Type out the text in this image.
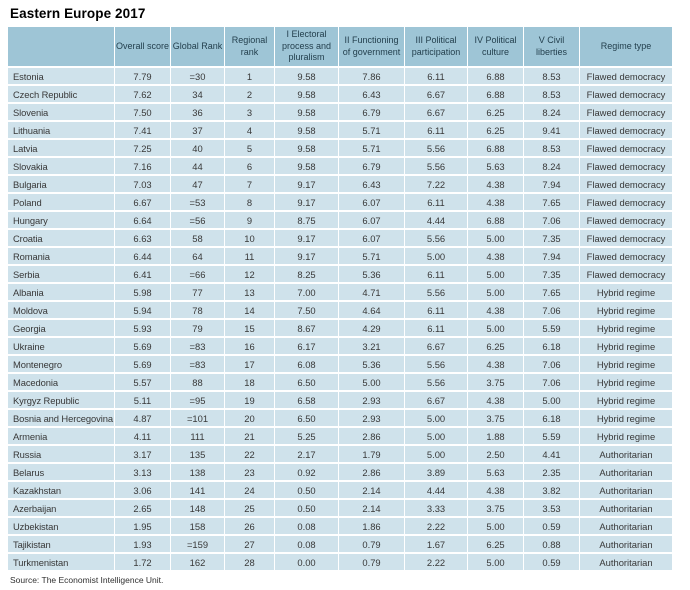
Eastern Europe 2017
	Overall score	Global Rank	Regional rank	I Electoral process and pluralism	II Functioning of government	III Political participation	IV Political culture	V Civil liberties	Regime type
Estonia	7.79	=30	1	9.58	7.86	6.11	6.88	8.53	Flawed democracy
Czech Republic	7.62	34	2	9.58	6.43	6.67	6.88	8.53	Flawed democracy
Slovenia	7.50	36	3	9.58	6.79	6.67	6.25	8.24	Flawed democracy
Lithuania	7.41	37	4	9.58	5.71	6.11	6.25	9.41	Flawed democracy
Latvia	7.25	40	5	9.58	5.71	5.56	6.88	8.53	Flawed democracy
Slovakia	7.16	44	6	9.58	6.79	5.56	5.63	8.24	Flawed democracy
Bulgaria	7.03	47	7	9.17	6.43	7.22	4.38	7.94	Flawed democracy
Poland	6.67	=53	8	9.17	6.07	6.11	4.38	7.65	Flawed democracy
Hungary	6.64	=56	9	8.75	6.07	4.44	6.88	7.06	Flawed democracy
Croatia	6.63	58	10	9.17	6.07	5.56	5.00	7.35	Flawed democracy
Romania	6.44	64	11	9.17	5.71	5.00	4.38	7.94	Flawed democracy
Serbia	6.41	=66	12	8.25	5.36	6.11	5.00	7.35	Flawed democracy
Albania	5.98	77	13	7.00	4.71	5.56	5.00	7.65	Hybrid regime
Moldova	5.94	78	14	7.50	4.64	6.11	4.38	7.06	Hybrid regime
Georgia	5.93	79	15	8.67	4.29	6.11	5.00	5.59	Hybrid regime
Ukraine	5.69	=83	16	6.17	3.21	6.67	6.25	6.18	Hybrid regime
Montenegro	5.69	=83	17	6.08	5.36	5.56	4.38	7.06	Hybrid regime
Macedonia	5.57	88	18	6.50	5.00	5.56	3.75	7.06	Hybrid regime
Kyrgyz Republic	5.11	=95	19	6.58	2.93	6.67	4.38	5.00	Hybrid regime
Bosnia and Hercegovina	4.87	=101	20	6.50	2.93	5.00	3.75	6.18	Hybrid regime
Armenia	4.11	111	21	5.25	2.86	5.00	1.88	5.59	Hybrid regime
Russia	3.17	135	22	2.17	1.79	5.00	2.50	4.41	Authoritarian
Belarus	3.13	138	23	0.92	2.86	3.89	5.63	2.35	Authoritarian
Kazakhstan	3.06	141	24	0.50	2.14	4.44	4.38	3.82	Authoritarian
Azerbaijan	2.65	148	25	0.50	2.14	3.33	3.75	3.53	Authoritarian
Uzbekistan	1.95	158	26	0.08	1.86	2.22	5.00	0.59	Authoritarian
Tajikistan	1.93	=159	27	0.08	0.79	1.67	6.25	0.88	Authoritarian
Turkmenistan	1.72	162	28	0.00	0.79	2.22	5.00	0.59	Authoritarian
Source: The Economist Intelligence Unit.
